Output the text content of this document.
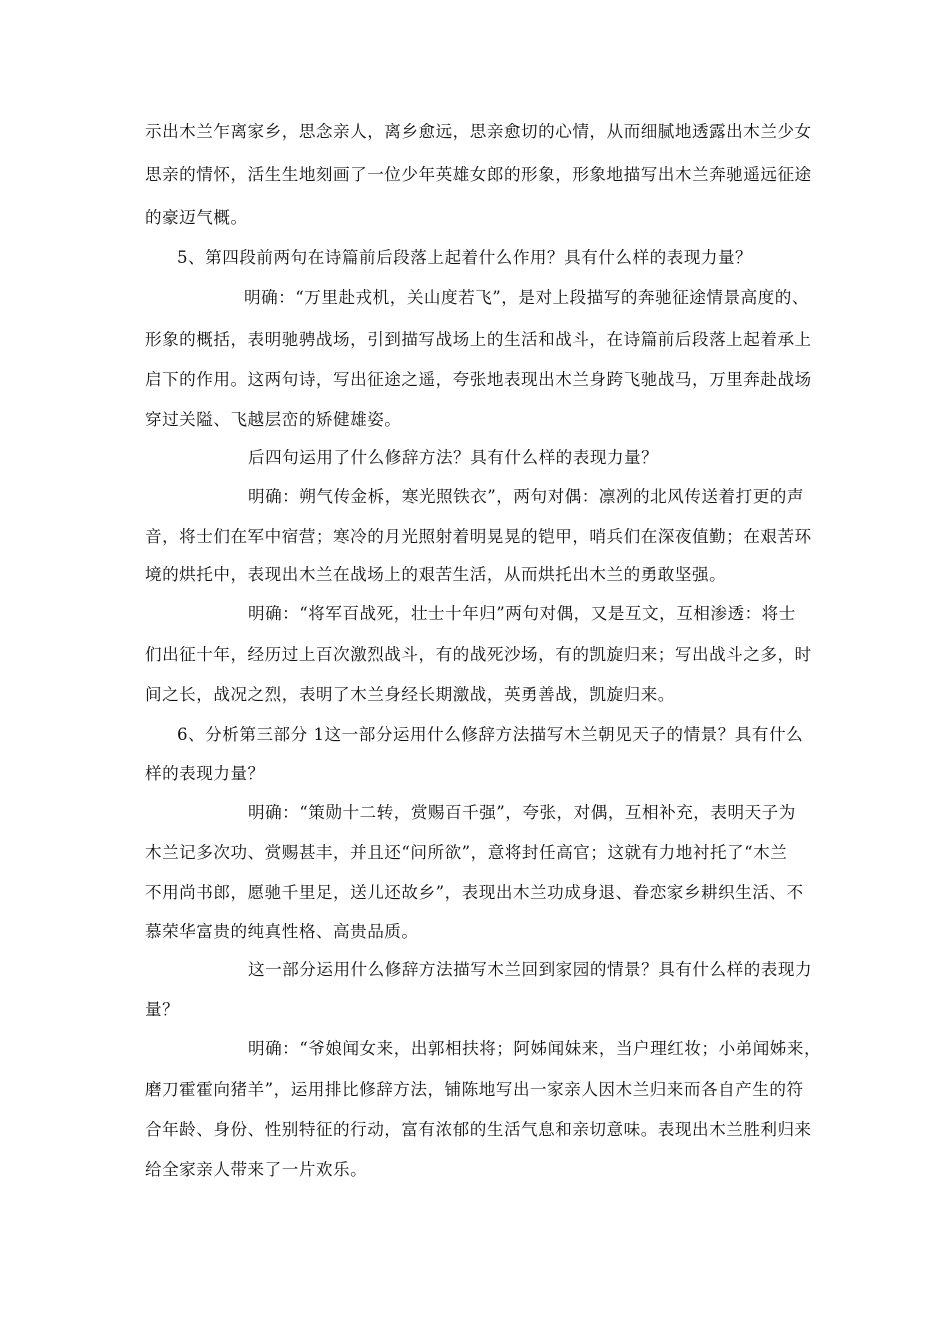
示出木兰乍离家乡，思念亲人，离乡愈远，思亲愈切的心情，从而细腻地透露出木兰少女
思亲的情怀，活生生地刻画了一位少年英雄女郎的形象，形象地描写出木兰奔驰遥远征途
的豪迈气概。
5、第四段前两句在诗篇前后段落上起着什么作用？具有什么样的表现力量？
明确：“万里赴戎机，关山度若飞”，是对上段描写的奔驰征途情景高度的、
形象的概括，表明驰骋战场，引到描写战场上的生活和战斗，在诗篇前后段落上起着承上
启下的作用。这两句诗，写出征途之遥，夸张地表现出木兰身跨飞驰战马，万里奔赴战场
穿过关隘、飞越层峦的矫健雄姿。
后四句运用了什么修辞方法？具有什么样的表现力量？
明确：朔气传金柝，寒光照铁衣”，两句对偶：凛冽的北风传送着打更的声
音，将士们在军中宿营；寒冷的月光照射着明晃晃的铠甲，哨兵们在深夜值勤；在艰苦环
境的烘托中，表现出木兰在战场上的艰苦生活，从而烘托出木兰的勇敢坚强。
明确：“将军百战死，壮士十年归”两句对偶，又是互文，互相渗透：将士
们出征十年，经历过上百次激烈战斗，有的战死沙场，有的凯旋归来；写出战斗之多，时
间之长，战况之烈，表明了木兰身经长期激战，英勇善战，凯旋归来。
6、分析第三部分 1这一部分运用什么修辞方法描写木兰朝见天子的情景？具有什么
样的表现力量？
明确：“策勋十二转，赏赐百千强”，夸张，对偶，互相补充，表明天子为
木兰记多次功、赏赐甚丰，并且还“问所欲”，意将封任高官；这就有力地衬托了“木兰
不用尚书郎，愿驰千里足，送儿还故乡”，表现出木兰功成身退、眷恋家乡耕织生活、不
慕荣华富贵的纯真性格、高贵品质。
这一部分运用什么修辞方法描写木兰回到家园的情景？具有什么样的表现力
量？
明确：“爷娘闻女来，出郭相扶将；阿姊闻妹来，当户理红妆；小弟闻姊来，
磨刀霍霍向猪羊”，运用排比修辞方法，铺陈地写出一家亲人因木兰归来而各自产生的符
合年龄、身份、性别特征的行动，富有浓郁的生活气息和亲切意味。表现出木兰胜利归来
给全家亲人带来了一片欢乐。
